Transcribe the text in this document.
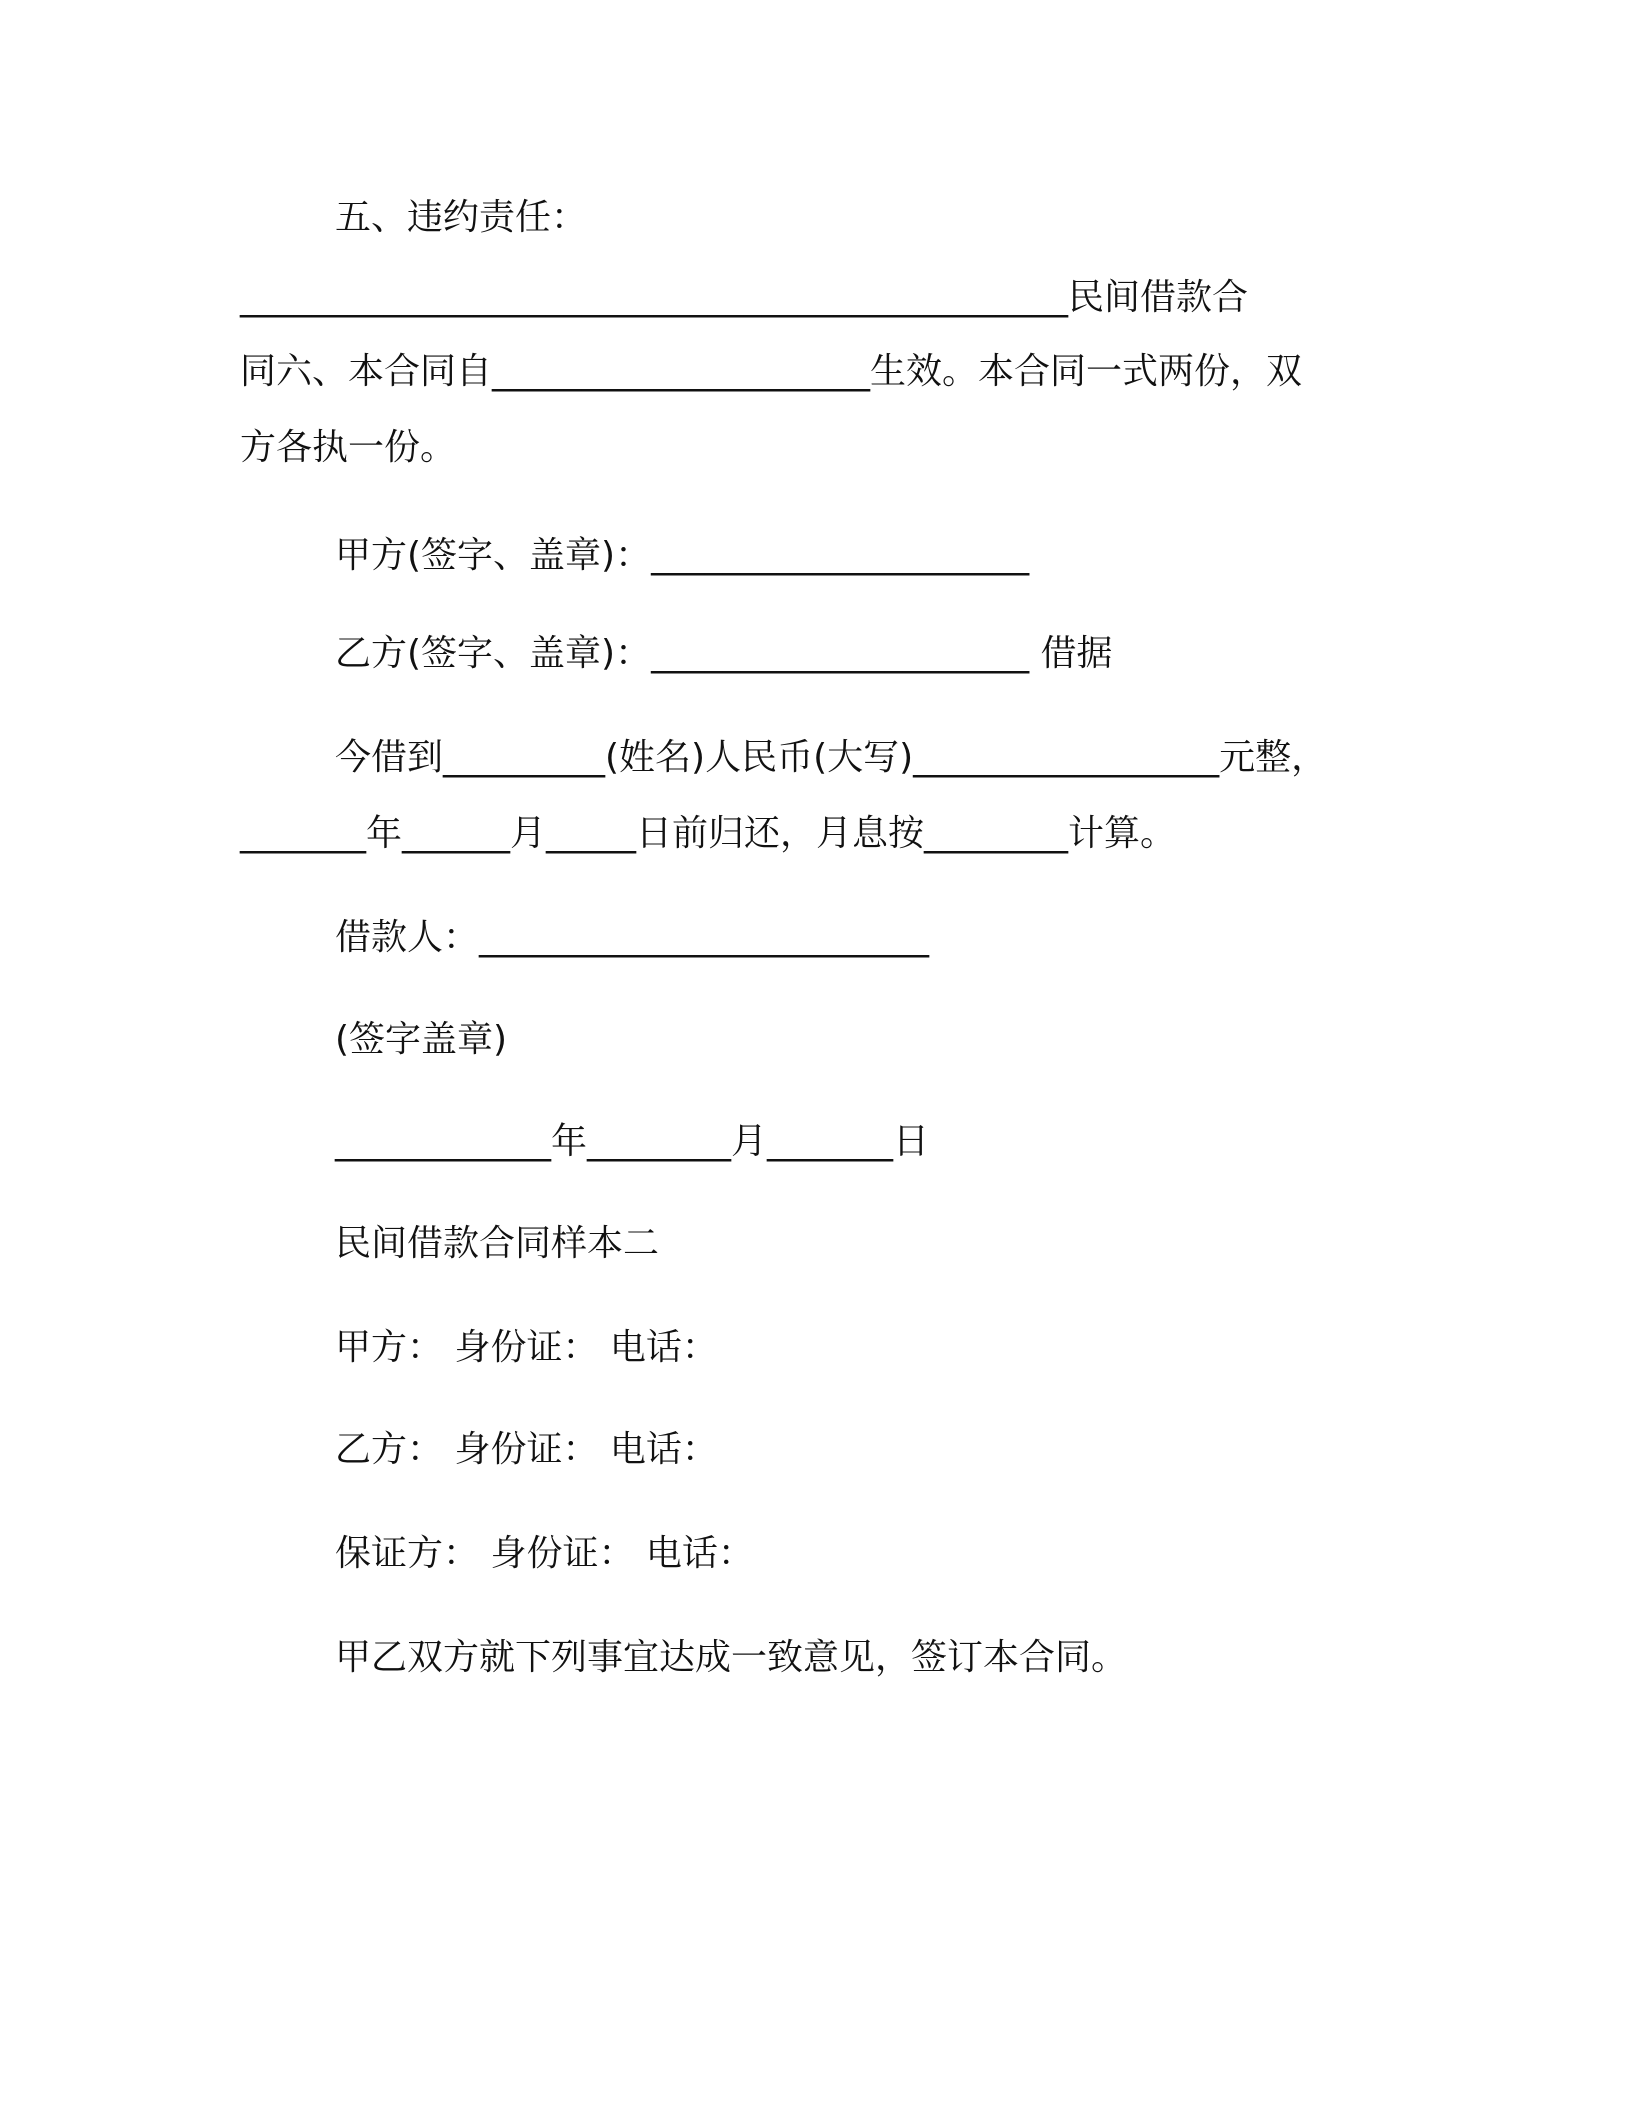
五、违约责任：
______________________________________________民间借款合
同六、本合同自_____________________生效。本合同一式两份，双
方各执一份。
甲方(签字、盖章)：_____________________
乙方(签字、盖章)：_____________________ 借据
今借到_________(姓名)人民币(大写)_________________元整，
_______年______月_____日前归还，月息按________计算。
借款人：_________________________
(签字盖章)
____________年________月_______日
民间借款合同样本二
甲方： 身份证： 电话：
乙方： 身份证： 电话：
保证方： 身份证： 电话：
甲乙双方就下列事宜达成一致意见，签订本合同。
